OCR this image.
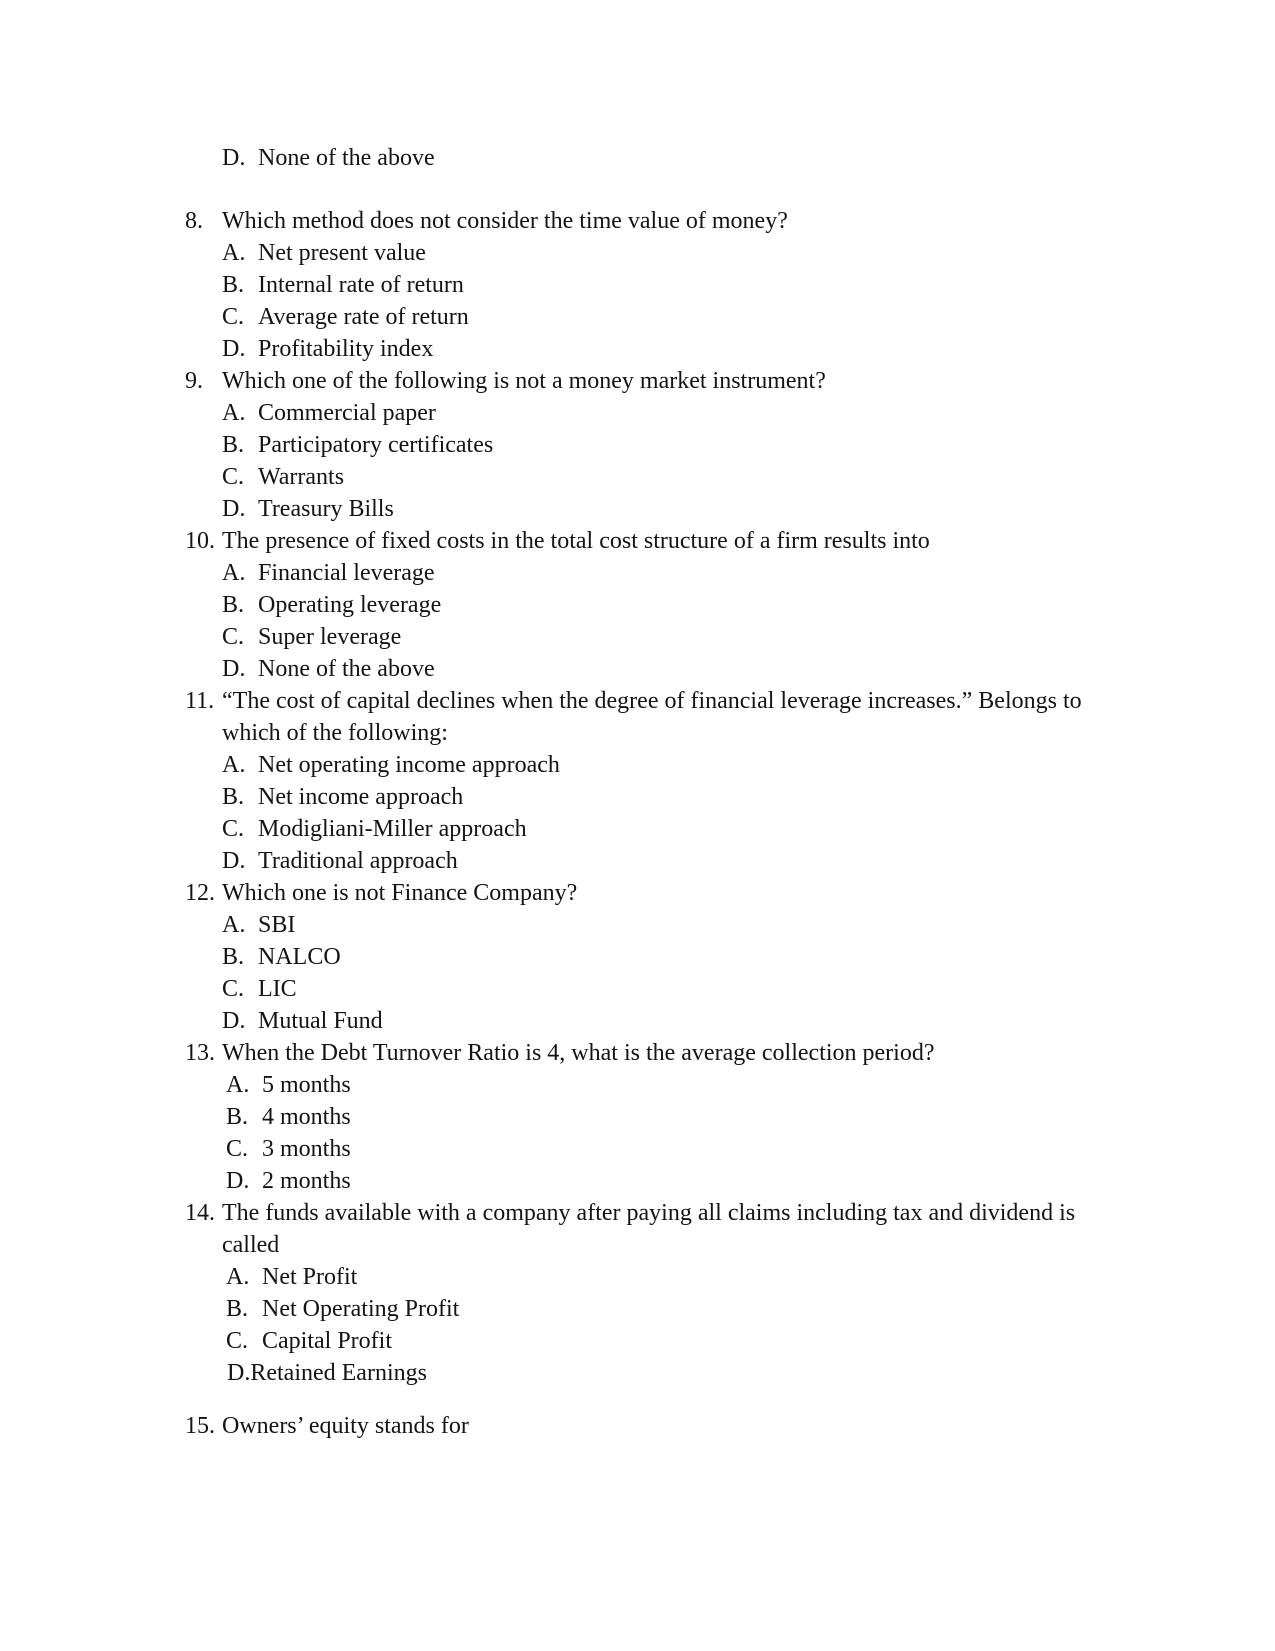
D. None of the above
8. Which method does not consider the time value of money?
A. Net present value
B. Internal rate of return
C. Average rate of return
D. Profitability index
9. Which one of the following is not a money market instrument?
A. Commercial paper
B. Participatory certificates
C. Warrants
D. Treasury Bills
10. The presence of fixed costs in the total cost structure of a firm results into
A. Financial leverage
B. Operating leverage
C. Super leverage
D. None of the above
11. “The cost of capital declines when the degree of financial leverage increases.” Belongs to
which of the following:
A. Net operating income approach
B. Net income approach
C. Modigliani-Miller approach
D. Traditional approach
12. Which one is not Finance Company?
A. SBI
B. NALCO
C. LIC
D. Mutual Fund
13. When the Debt Turnover Ratio is 4, what is the average collection period?
A. 5 months
B. 4 months
C. 3 months
D. 2 months
14. The funds available with a company after paying all claims including tax and dividend is
called
A. Net Profit
B. Net Operating Profit
C. Capital Profit
D.Retained Earnings
15. Owners’ equity stands for
